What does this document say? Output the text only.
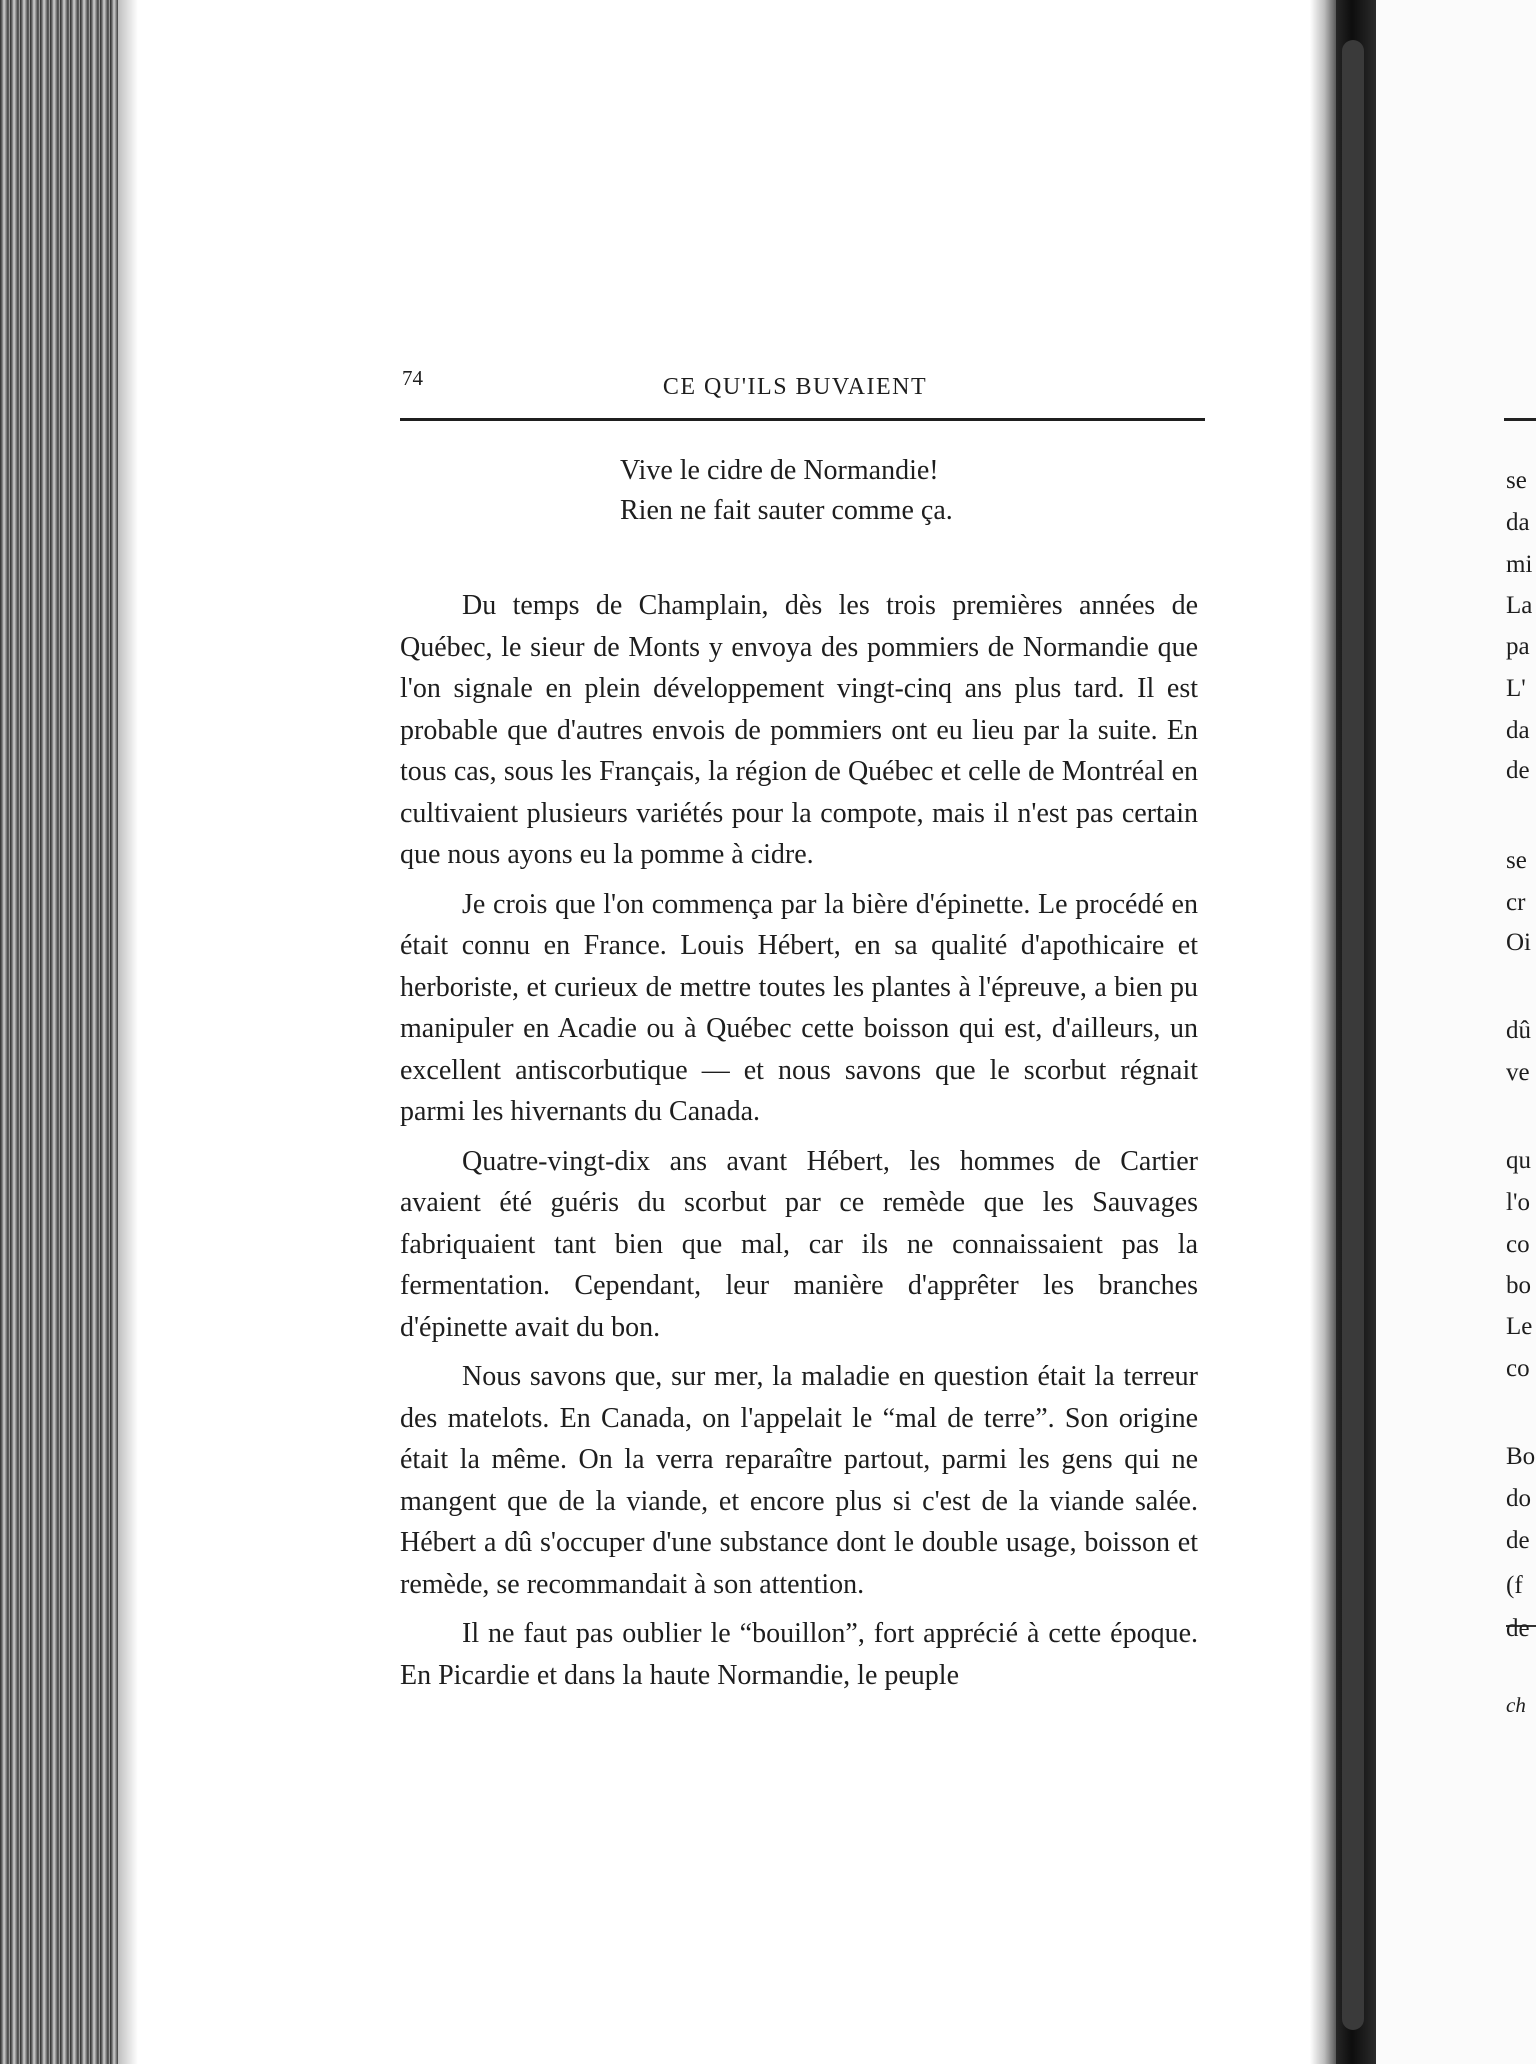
74	CE QU'ILS BUVAIENT
Vive le cidre de Normandie!
Rien ne fait sauter comme ça.

Du temps de Champlain, dès les trois premières années de Québec, le sieur de Monts y envoya des pommiers de Normandie que l'on signale en plein développement vingt-cinq ans plus tard. Il est probable que d'autres envois de pommiers ont eu lieu par la suite. En tous cas, sous les Français, la région de Québec et celle de Montréal en cultivaient plusieurs variétés pour la compote, mais il n'est pas certain que nous ayons eu la pomme à cidre.

Je crois que l'on commença par la bière d'épinette. Le procédé en était connu en France. Louis Hébert, en sa qualité d'apothicaire et herboriste, et curieux de mettre toutes les plantes à l'épreuve, a bien pu manipuler en Acadie ou à Québec cette boisson qui est, d'ailleurs, un excellent antiscorbutique — et nous savons que le scorbut régnait parmi les hivernants du Canada.

Quatre-vingt-dix ans avant Hébert, les hommes de Cartier avaient été guéris du scorbut par ce remède que les Sauvages fabriquaient tant bien que mal, car ils ne connaissaient pas la fermentation. Cependant, leur manière d'apprêter les branches d'épinette avait du bon.

Nous savons que, sur mer, la maladie en question était la terreur des matelots. En Canada, on l'appelait le “mal de terre”. Son origine était la même. On la verra reparaître partout, parmi les gens qui ne mangent que de la viande, et encore plus si c'est de la viande salée. Hébert a dû s'occuper d'une substance dont le double usage, boisson et remède, se recommandait à son attention.

Il ne faut pas oublier le “bouillon”, fort apprécié à cette époque. En Picardie et dans la haute Normandie, le peuple

se
da
mi
La
pa
L'
da
de
se
cr
Oi
dû
ve
qu
l'o
co
bo
Le
co
Bo
do
de
(f
de
ch
